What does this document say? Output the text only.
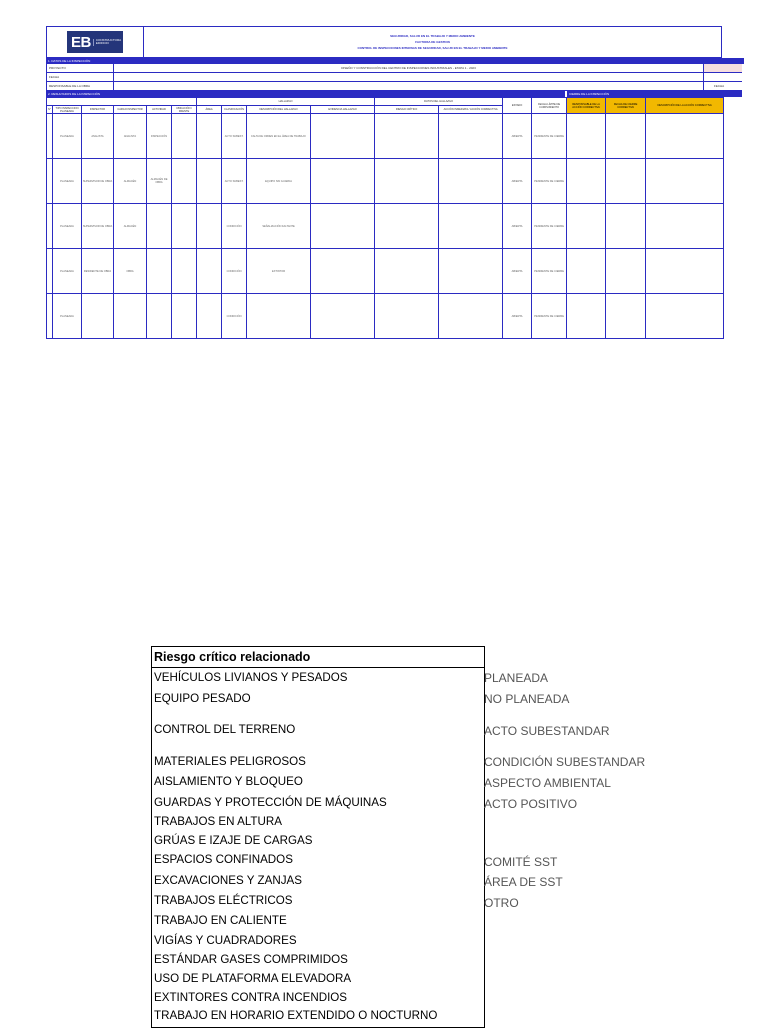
EB	CONSTRUCTORA
EDIFICIO
SEGURIDAD, SALUD EN EL TRABAJO Y MEDIO AMBIENTE
FACTORIA DE GESTION
CONTROL DE INSPECCIONES INTERNAS DE SEGURIDAD, SALUD EN EL TRABAJO Y MEDIO AMBIENTE
1. DATOS DE LA INSPECCIÓN
PROYECTO	DISEÑO Y CONSTRUCCIÓN DEL CENTRO DE INSPECCIONES INDUSTRIALES - ETAPA 1 - 2023
FECHA
RESPONSABLE DE LA OBRA	FECHA
2. RESULTADOS DE LA INSPECCIÓN	CIERRE DE LA INSPECCIÓN
						HALLAZGO				DATOS DEL HALLAZGO		ESTADO	FECHA LÍMITE DE CUMPLIMIENTO	RESPONSABLE DE LA ACCIÓN CORRECTIVA	FECHA DE CIERRE CORRECTIVA	DESCRIPCIÓN DE LA ACCIÓN CORRECTIVA
N°	TIPO INSPECCION PLANEADA	INSPECTOR	CARGO INSPECTOR	ACTIVIDAD	UBICACIÓN / FRENTE	ÁREA	CLASIFICACIÓN	DESCRIPCIÓN DEL HALLAZGO	EVIDENCIA HALLAZGO	RIESGO CRÍTICO	ACCIÓN INMEDIATA / ACCIÓN CORRECTIVA					
	PLANEADA	ANALISTA	ANALISTA	INSPECCIÓN			ACTO SUBEST.	FALTA DE ORDEN EN EL ÁREA DE TRABAJO				ABIERTA	PENDIENTE DE CIERRE			
	PLANEADA	SUPERVISOR DE OBRA	ALMACÉN	ALMACÉN DE OBRA			ACTO SUBEST.	EQUIPO SIN GUARDA				ABIERTA	PENDIENTE DE CIERRE			
	PLANEADA	SUPERVISOR DE OBRA	ALMACÉN				CONDICIÓN	SEÑALIZACIÓN FALTANTE				ABIERTA	PENDIENTE DE CIERRE			
	PLANEADA	RESIDENTE DE OBRA	OBRA				CONDICIÓN	EXTINTOR				ABIERTA	PENDIENTE DE CIERRE			
	PLANEADA						CONDICIÓN					ABIERTA	PENDIENTE DE CIERRE			
Riesgo crítico relacionado
VEHÍCULOS LIVIANOS Y PESADOS
EQUIPO PESADO
CONTROL DEL TERRENO
MATERIALES PELIGROSOS
AISLAMIENTO Y BLOQUEO
GUARDAS Y PROTECCIÓN DE MÁQUINAS
TRABAJOS EN ALTURA
GRÚAS E IZAJE DE CARGAS
ESPACIOS CONFINADOS
EXCAVACIONES Y ZANJAS
TRABAJOS ELÉCTRICOS
TRABAJO EN CALIENTE
VIGÍAS Y CUADRADORES
ESTÁNDAR GASES COMPRIMIDOS
USO DE PLATAFORMA ELEVADORA
EXTINTORES CONTRA INCENDIOS
TRABAJO EN HORARIO EXTENDIDO O NOCTURNO
PLANEADA
NO PLANEADA
ACTO SUBESTANDAR
CONDICIÓN SUBESTANDAR
ASPECTO AMBIENTAL
ACTO POSITIVO
COMITÉ SST
ÁREA DE SST
OTRO
